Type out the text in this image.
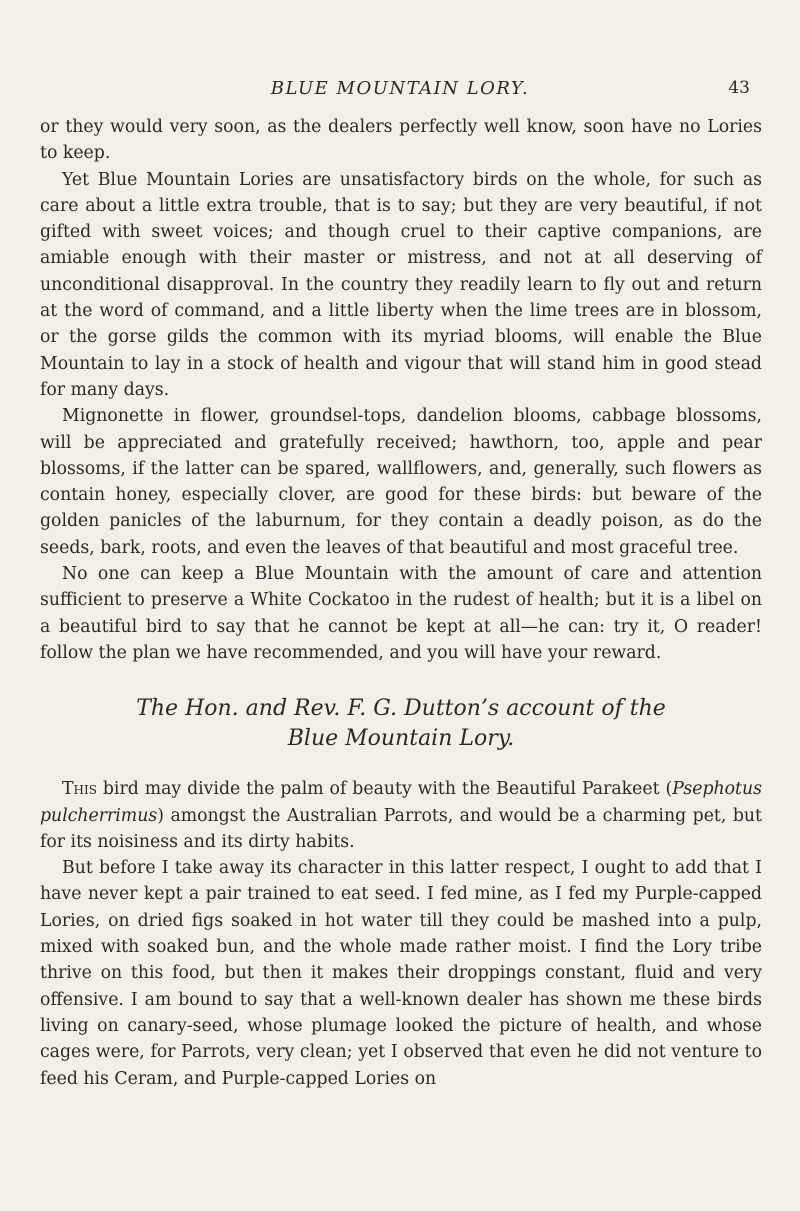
BLUE MOUNTAIN LORY.	43

or they would very soon, as the dealers perfectly well know, soon have no Lories to keep.

Yet Blue Mountain Lories are unsatisfactory birds on the whole, for such as care about a little extra trouble, that is to say; but they are very beautiful, if not gifted with sweet voices; and though cruel to their captive companions, are amiable enough with their master or mistress, and not at all deserving of unconditional disapproval. In the country they readily learn to fly out and return at the word of command, and a little liberty when the lime trees are in blossom, or the gorse gilds the common with its myriad blooms, will enable the Blue Mountain to lay in a stock of health and vigour that will stand him in good stead for many days.

Mignonette in flower, groundsel-tops, dandelion blooms, cabbage blossoms, will be appreciated and gratefully received; hawthorn, too, apple and pear blossoms, if the latter can be spared, wallflowers, and, generally, such flowers as contain honey, especially clover, are good for these birds: but beware of the golden panicles of the laburnum, for they contain a deadly poison, as do the seeds, bark, roots, and even the leaves of that beautiful and most graceful tree.

No one can keep a Blue Mountain with the amount of care and attention sufficient to preserve a White Cockatoo in the rudest of health; but it is a libel on a beautiful bird to say that he cannot be kept at all—he can: try it, O reader! follow the plan we have recommended, and you will have your reward.

The Hon. and Rev. F. G. Dutton’s account of the
Blue Mountain Lory.

This bird may divide the palm of beauty with the Beautiful Parakeet (Psephotus pulcherrimus) amongst the Australian Parrots, and would be a charming pet, but for its noisiness and its dirty habits.

But before I take away its character in this latter respect, I ought to add that I have never kept a pair trained to eat seed. I fed mine, as I fed my Purple-capped Lories, on dried figs soaked in hot water till they could be mashed into a pulp, mixed with soaked bun, and the whole made rather moist. I find the Lory tribe thrive on this food, but then it makes their droppings constant, fluid and very offensive. I am bound to say that a well-known dealer has shown me these birds living on canary-seed, whose plumage looked the picture of health, and whose cages were, for Parrots, very clean; yet I observed that even he did not venture to feed his Ceram, and Purple-capped Lories on
